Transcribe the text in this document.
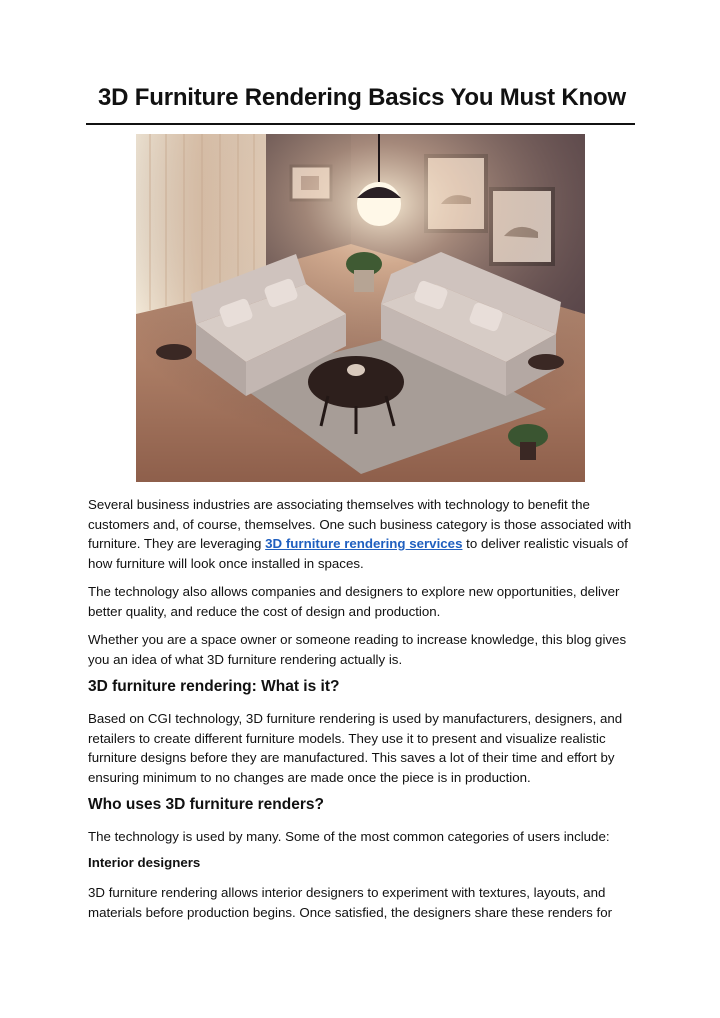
3D Furniture Rendering Basics You Must Know

Several business industries are associating themselves with technology to benefit the customers and, of course, themselves. One such business category is those associated with furniture. They are leveraging 3D furniture rendering services to deliver realistic visuals of how furniture will look once installed in spaces.

The technology also allows companies and designers to explore new opportunities, deliver better quality, and reduce the cost of design and production.

Whether you are a space owner or someone reading to increase knowledge, this blog gives you an idea of what 3D furniture rendering actually is.

3D furniture rendering: What is it?

Based on CGI technology, 3D furniture rendering is used by manufacturers, designers, and retailers to create different furniture models. They use it to present and visualize realistic furniture designs before they are manufactured. This saves a lot of their time and effort by ensuring minimum to no changes are made once the piece is in production.

Who uses 3D furniture renders?

The technology is used by many. Some of the most common categories of users include:

Interior designers

3D furniture rendering allows interior designers to experiment with textures, layouts, and materials before production begins. Once satisfied, the designers share these renders for
